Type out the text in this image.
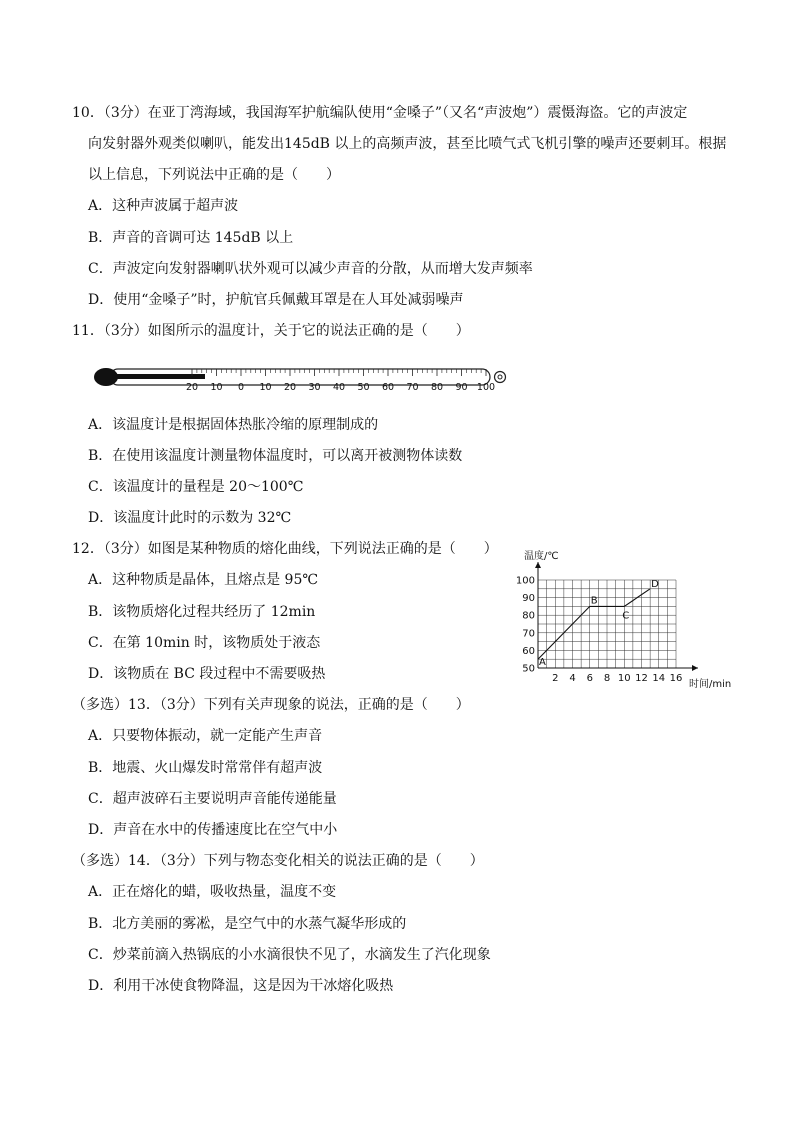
10．（3分）在亚丁湾海域，我国海军护航编队使用“金嗓子”（又名“声波炮”）震慑海盗。它的声波定
向发射器外观类似喇叭，能发出145dB 以上的高频声波，甚至比喷气式飞机引擎的噪声还要刺耳。根据
以上信息，下列说法中正确的是（　　）
A．这种声波属于超声波
B．声音的音调可达 145dB 以上
C．声波定向发射器喇叭状外观可以减少声音的分散，从而增大发声频率
D．使用“金嗓子”时，护航官兵佩戴耳罩是在人耳处减弱噪声
11．（3分）如图所示的温度计，关于它的说法正确的是（　　）
20 10 0 10 20 30 40 50 60 70 80 90 100
A．该温度计是根据固体热胀冷缩的原理制成的
B．在使用该温度计测量物体温度时，可以离开被测物体读数
C．该温度计的量程是 20～100℃
D．该温度计此时的示数为 32℃
12．（3分）如图是某种物质的熔化曲线，下列说法正确的是（　　）
A．这种物质是晶体，且熔点是 95℃
B．该物质熔化过程共经历了 12min
C．在第 10min 时，该物质处于液态
D．该物质在 BC 段过程中不需要吸热	2 4 6 8 10 12 14 16
50
60
70
80
90
100
A
B
C
D
温度/℃
时间/min
（多选）13．（3分）下列有关声现象的说法，正确的是（　　）
A．只要物体振动，就一定能产生声音
B．地震、火山爆发时常常伴有超声波
C．超声波碎石主要说明声音能传递能量
D．声音在水中的传播速度比在空气中小
（多选）14．（3分）下列与物态变化相关的说法正确的是（　　）
A．正在熔化的蜡，吸收热量，温度不变
B．北方美丽的雾凇，是空气中的水蒸气凝华形成的
C．炒菜前滴入热锅底的小水滴很快不见了，水滴发生了汽化现象
D．利用干冰使食物降温，这是因为干冰熔化吸热
